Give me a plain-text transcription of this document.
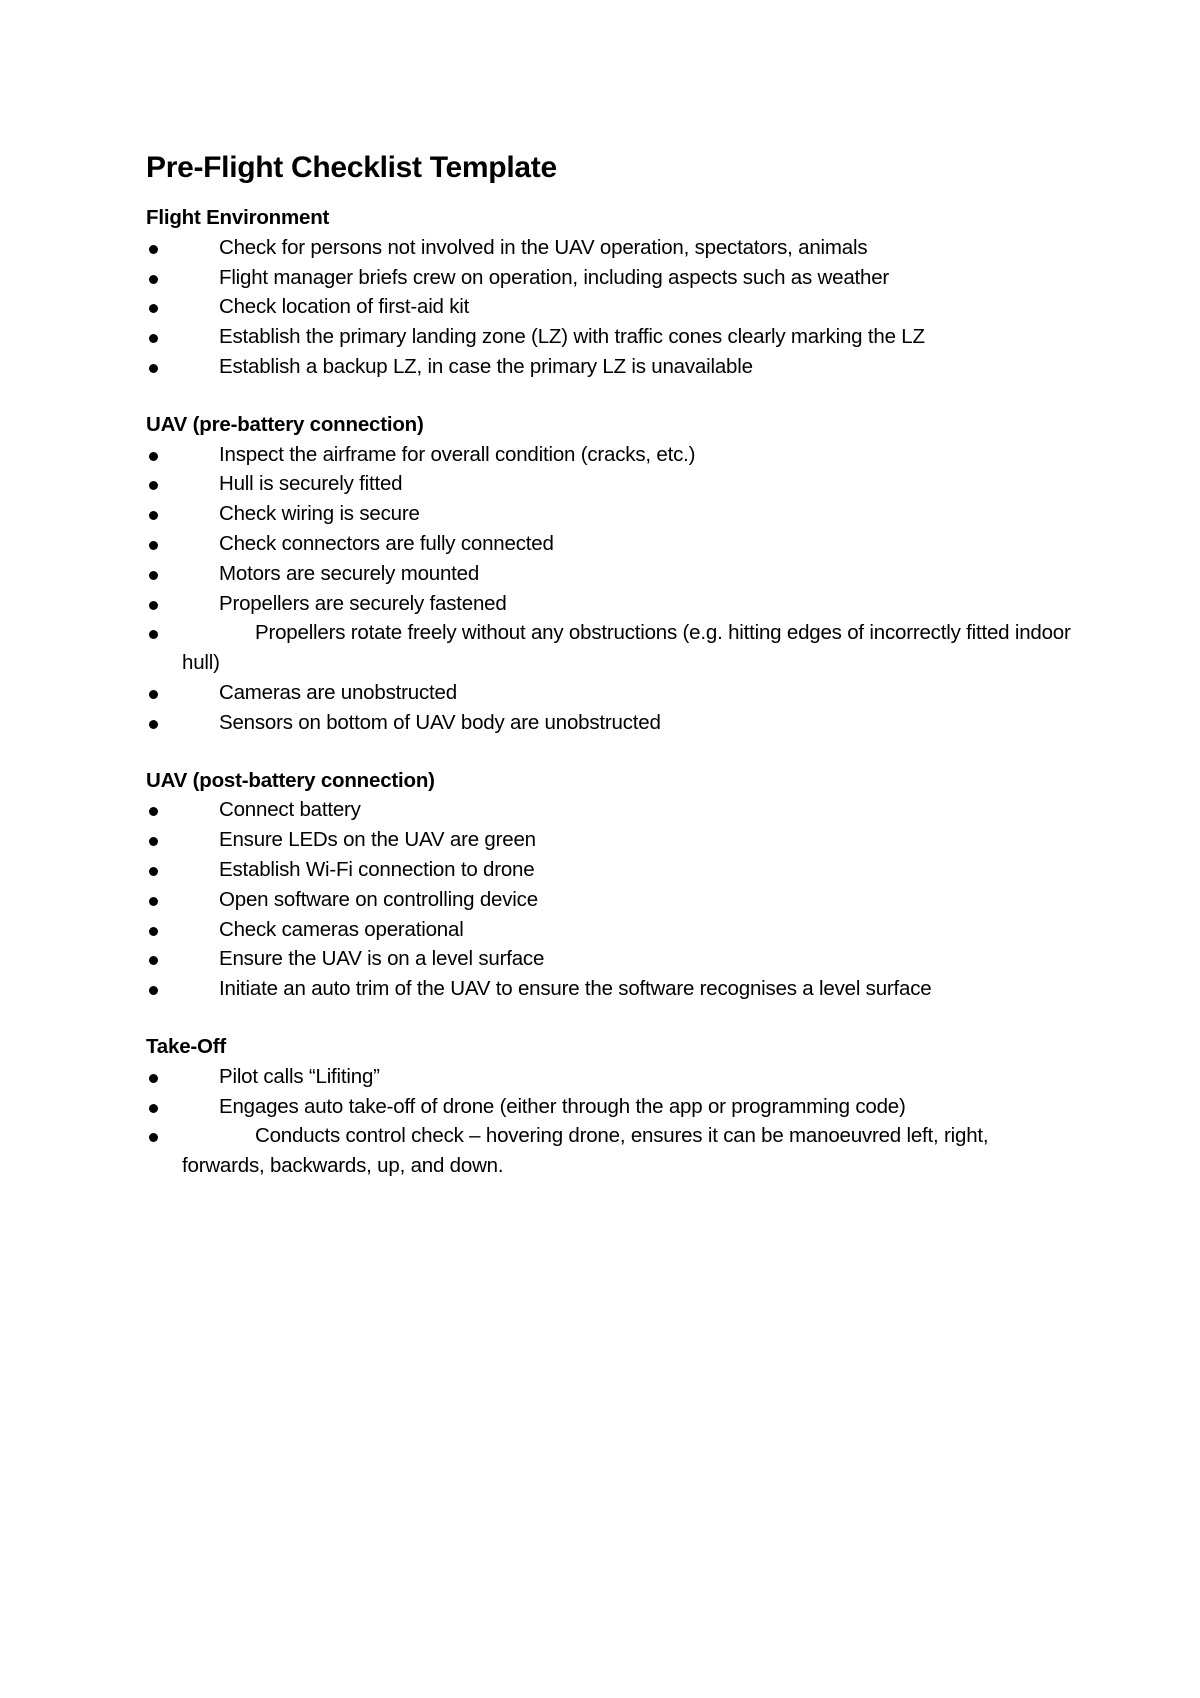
Pre-Flight Checklist Template
Flight Environment
Check for persons not involved in the UAV operation, spectators, animals
Flight manager briefs crew on operation, including aspects such as weather
Check location of first-aid kit
Establish the primary landing zone (LZ) with traffic cones clearly marking the LZ
Establish a backup LZ, in case the primary LZ is unavailable
UAV (pre-battery connection)
Inspect the airframe for overall condition (cracks, etc.)
Hull is securely fitted
Check wiring is secure
Check connectors are fully connected
Motors are securely mounted
Propellers are securely fastened
Propellers rotate freely without any obstructions (e.g. hitting edges of incorrectly fitted indoor hull)
Cameras are unobstructed
Sensors on bottom of UAV body are unobstructed
UAV (post-battery connection)
Connect battery
Ensure LEDs on the UAV are green
Establish Wi-Fi connection to drone
Open software on controlling device
Check cameras operational
Ensure the UAV is on a level surface
Initiate an auto trim of the UAV to ensure the software recognises a level surface
Take-Off
Pilot calls “Lifiting”
Engages auto take-off of drone (either through the app or programming code)
Conducts control check – hovering drone, ensures it can be manoeuvred left, right, forwards, backwards, up, and down.
